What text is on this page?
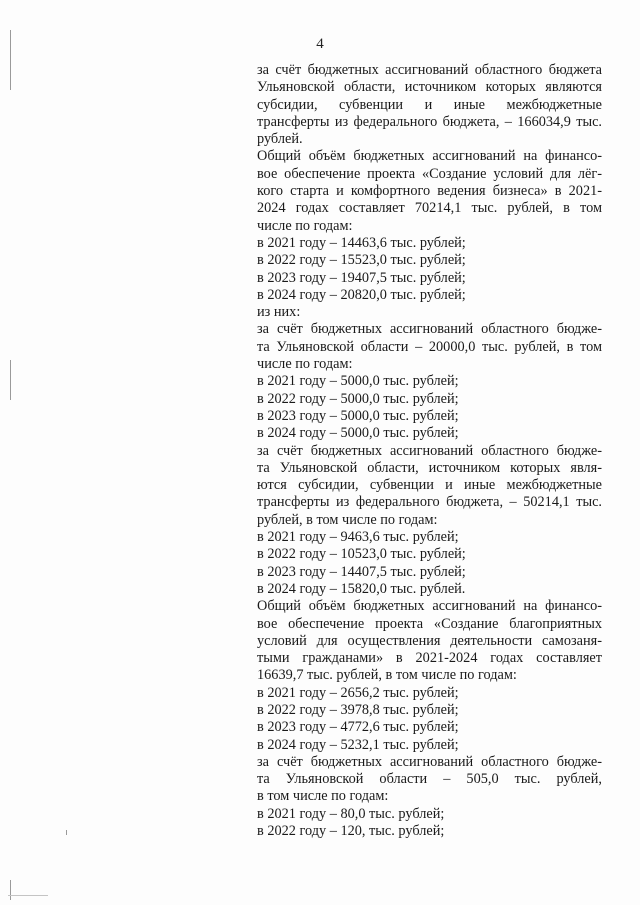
4
за счёт бюджетных ассигнований областного бюджета
Ульяновской области, источником которых являются
субсидии, субвенции и иные межбюджетные
трансферты из федерального бюджета, – 166034,9 тыс.
рублей.
Общий объём бюджетных ассигнований на финансо-
вое обеспечение проекта «Создание условий для лёг-
кого старта и комфортного ведения бизнеса» в 2021-
2024 годах составляет 70214,1 тыс. рублей, в том
числе по годам:
в 2021 году – 14463,6 тыс. рублей;
в 2022 году – 15523,0 тыс. рублей;
в 2023 году – 19407,5 тыс. рублей;
в 2024 году – 20820,0 тыс. рублей;
из них:
за счёт бюджетных ассигнований областного бюдже-
та Ульяновской области – 20000,0 тыс. рублей, в том
числе по годам:
в 2021 году – 5000,0 тыс. рублей;
в 2022 году – 5000,0 тыс. рублей;
в 2023 году – 5000,0 тыс. рублей;
в 2024 году – 5000,0 тыс. рублей;
за счёт бюджетных ассигнований областного бюдже-
та Ульяновской области, источником которых явля-
ются субсидии, субвенции и иные межбюджетные
трансферты из федерального бюджета, – 50214,1 тыс.
рублей, в том числе по годам:
в 2021 году – 9463,6 тыс. рублей;
в 2022 году – 10523,0 тыс. рублей;
в 2023 году – 14407,5 тыс. рублей;
в 2024 году – 15820,0 тыс. рублей.
Общий объём бюджетных ассигнований на финансо-
вое обеспечение проекта «Создание благоприятных
условий для осуществления деятельности самозаня-
тыми гражданами» в 2021-2024 годах составляет
16639,7 тыс. рублей, в том числе по годам:
в 2021 году – 2656,2 тыс. рублей;
в 2022 году – 3978,8 тыс. рублей;
в 2023 году – 4772,6 тыс. рублей;
в 2024 году – 5232,1 тыс. рублей;
за счёт бюджетных ассигнований областного бюдже-
та Ульяновской области – 505,0 тыс. рублей,
в том числе по годам:
в 2021 году – 80,0 тыс. рублей;
в 2022 году – 120, тыс. рублей;
